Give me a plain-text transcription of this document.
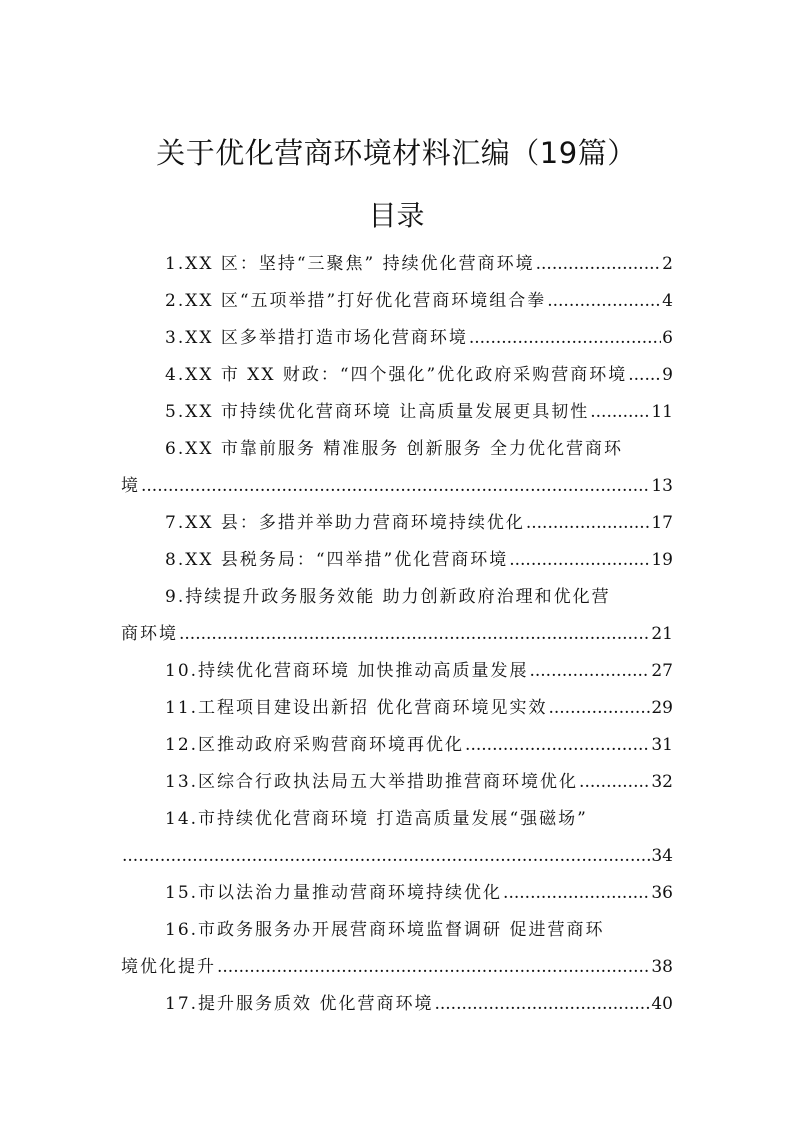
关于优化营商环境材料汇编（19篇）
目录
1.XX 区：坚持“三聚焦” 持续优化营商环境 .....	2
2.XX 区“五项举措”打好优化营商环境组合拳 .....	4
3.XX 区多举措打造市场化营商环境 .....	6
4.XX 市 XX 财政：“四个强化”优化政府采购营商环境 ..... 9
5.XX 市持续优化营商环境 让高质量发展更具韧性 .....	11
6.XX 市靠前服务 精准服务 创新服务 全力优化营商环
境 .....	13
7.XX 县：多措并举助力营商环境持续优化 .....	17
8.XX 县税务局：“四举措”优化营商环境 .....	19
9.持续提升政务服务效能 助力创新政府治理和优化营
商环境 .....	21
10.持续优化营商环境 加快推动高质量发展 .....	27
11.工程项目建设出新招 优化营商环境见实效 .....	29
12.区推动政府采购营商环境再优化 .....	31
13.区综合行政执法局五大举措助推营商环境优化 .....	32
14.市持续优化营商环境 打造高质量发展“强磁场”
.....
34
15.市以法治力量推动营商环境持续优化 .....	36
16.市政务服务办开展营商环境监督调研 促进营商环
境优化提升 .....	38
17.提升服务质效 优化营商环境 .....	40
